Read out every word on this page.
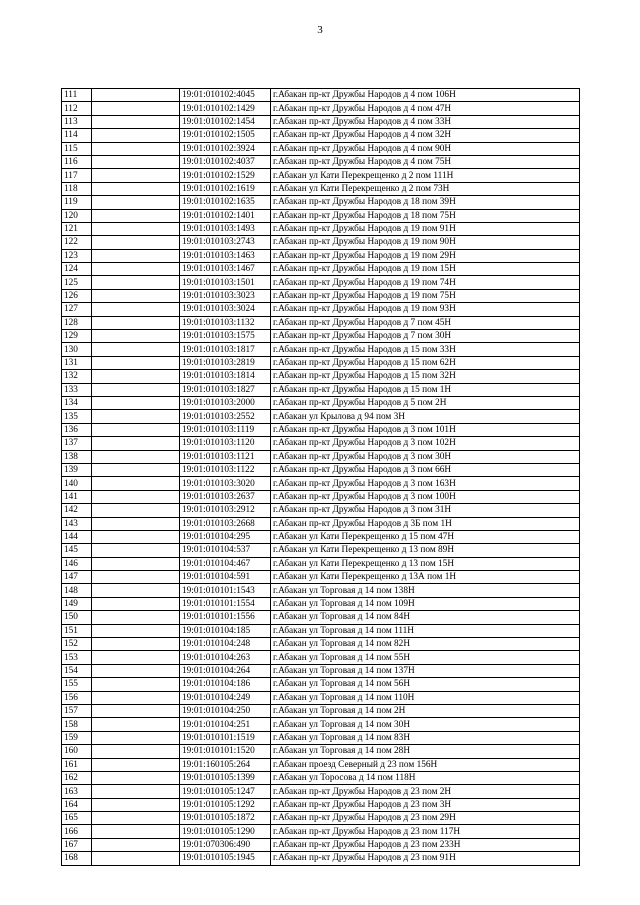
3
111		19:01:010102:4045	г.Абакан пр-кт Дружбы Народов д 4 пом 106Н
112		19:01:010102:1429	г.Абакан пр-кт Дружбы Народов д 4 пом 47Н
113		19:01:010102:1454	г.Абакан пр-кт Дружбы Народов д 4 пом 33Н
114		19:01:010102:1505	г.Абакан пр-кт Дружбы Народов д 4 пом 32Н
115		19:01:010102:3924	г.Абакан пр-кт Дружбы Народов д 4 пом 90Н
116		19:01:010102:4037	г.Абакан пр-кт Дружбы Народов д 4 пом 75Н
117		19:01:010102:1529	г.Абакан ул Кати Перекрещенко д 2 пом 111Н
118		19:01:010102:1619	г.Абакан ул Кати Перекрещенко д 2 пом 73Н
119		19:01:010102:1635	г.Абакан пр-кт Дружбы Народов д 18 пом 39Н
120		19:01:010102:1401	г.Абакан пр-кт Дружбы Народов д 18 пом 75Н
121		19:01:010103:1493	г.Абакан пр-кт Дружбы Народов д 19 пом 91Н
122		19:01:010103:2743	г.Абакан пр-кт Дружбы Народов д 19 пом 90Н
123		19:01:010103:1463	г.Абакан пр-кт Дружбы Народов д 19 пом 29Н
124		19:01:010103:1467	г.Абакан пр-кт Дружбы Народов д 19 пом 15Н
125		19:01:010103:1501	г.Абакан пр-кт Дружбы Народов д 19 пом 74Н
126		19:01:010103:3023	г.Абакан пр-кт Дружбы Народов д 19 пом 75Н
127		19:01:010103:3024	г.Абакан пр-кт Дружбы Народов д 19 пом 93Н
128		19:01:010103:1132	г.Абакан пр-кт Дружбы Народов д 7 пом 45Н
129		19:01:010103:1575	г.Абакан пр-кт Дружбы Народов д 7 пом 30Н
130		19:01:010103:1817	г.Абакан пр-кт Дружбы Народов д 15 пом 33Н
131		19:01:010103:2819	г.Абакан пр-кт Дружбы Народов д 15 пом 62Н
132		19:01:010103:1814	г.Абакан пр-кт Дружбы Народов д 15 пом 32Н
133		19:01:010103:1827	г.Абакан пр-кт Дружбы Народов д 15 пом 1Н
134		19:01:010103:2000	г.Абакан пр-кт Дружбы Народов д 5 пом 2Н
135		19:01:010103:2552	г.Абакан ул Крылова д 94 пом 3Н
136		19:01:010103:1119	г.Абакан пр-кт Дружбы Народов д 3 пом 101Н
137		19:01:010103:1120	г.Абакан пр-кт Дружбы Народов д 3 пом 102Н
138		19:01:010103:1121	г.Абакан пр-кт Дружбы Народов д 3 пом 30Н
139		19:01:010103:1122	г.Абакан пр-кт Дружбы Народов д 3 пом 66Н
140		19:01:010103:3020	г.Абакан пр-кт Дружбы Народов д 3 пом 163Н
141		19:01:010103:2637	г.Абакан пр-кт Дружбы Народов д 3 пом 100Н
142		19:01:010103:2912	г.Абакан пр-кт Дружбы Народов д 3 пом 31Н
143		19:01:010103:2668	г.Абакан пр-кт Дружбы Народов д 3Б пом 1Н
144		19:01:010104:295	г.Абакан ул Кати Перекрещенко д 15 пом 47Н
145		19:01:010104:537	г.Абакан ул Кати Перекрещенко д 13 пом 89Н
146		19:01:010104:467	г.Абакан ул Кати Перекрещенко д 13 пом 15Н
147		19:01:010104:591	г.Абакан ул Кати Перекрещенко д 13А пом 1Н
148		19:01:010101:1543	г.Абакан ул Торговая д 14 пом 138Н
149		19:01:010101:1554	г.Абакан ул Торговая д 14 пом 109Н
150		19:01:010101:1556	г.Абакан ул Торговая д 14 пом 84Н
151		19:01:010104:185	г.Абакан ул Торговая д 14 пом 111Н
152		19:01:010104:248	г.Абакан ул Торговая д 14 пом 82Н
153		19:01:010104:263	г.Абакан ул Торговая д 14 пом 55Н
154		19:01:010104:264	г.Абакан ул Торговая д 14 пом 137Н
155		19:01:010104:186	г.Абакан ул Торговая д 14 пом 56Н
156		19:01:010104:249	г.Абакан ул Торговая д 14 пом 110Н
157		19:01:010104:250	г.Абакан ул Торговая д 14 пом 2Н
158		19:01:010104:251	г.Абакан ул Торговая д 14 пом 30Н
159		19:01:010101:1519	г.Абакан ул Торговая д 14 пом 83Н
160		19:01:010101:1520	г.Абакан ул Торговая д 14 пом 28Н
161		19:01:160105:264	г.Абакан проезд Северный д 23 пом 156Н
162		19:01:010105:1399	г.Абакан ул Торосова д 14 пом 118Н
163		19:01:010105:1247	г.Абакан пр-кт Дружбы Народов д 23 пом 2Н
164		19:01:010105:1292	г.Абакан пр-кт Дружбы Народов д 23 пом 3Н
165		19:01:010105:1872	г.Абакан пр-кт Дружбы Народов д 23 пом 29Н
166		19:01:010105:1290	г.Абакан пр-кт Дружбы Народов д 23 пом 117Н
167		19:01:070306:490	г.Абакан пр-кт Дружбы Народов д 23 пом 233Н
168		19:01:010105:1945	г.Абакан пр-кт Дружбы Народов д 23 пом 91Н
